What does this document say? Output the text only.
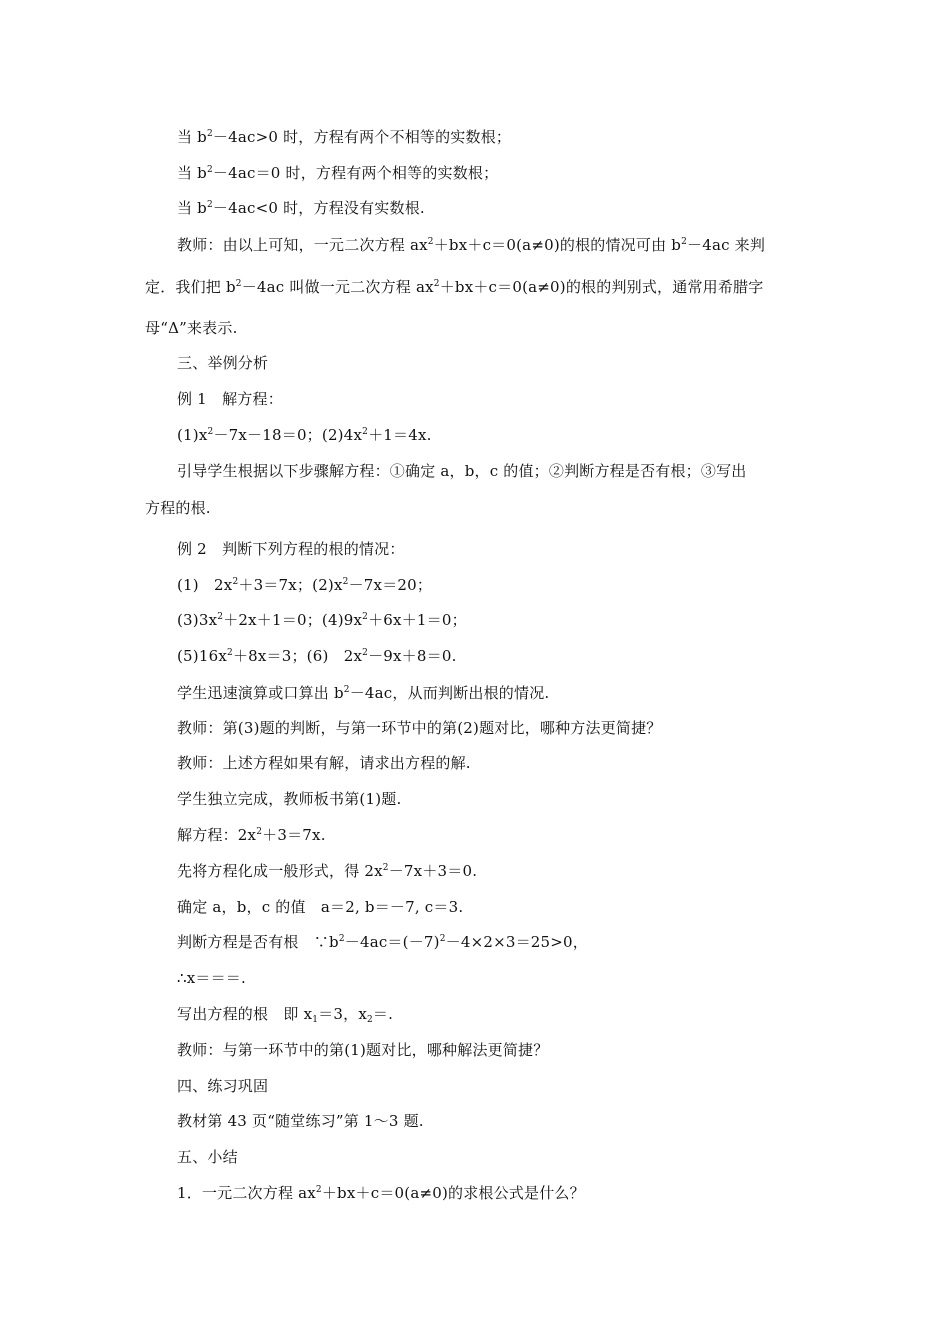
当 $b^2-4ac>0$ 时，方程有两个不相等的实数根；
当 $b^2-4ac=0$ 时，方程有两个相等的实数根；
当 $b^2-4ac<0$ 时，方程没有实数根.
教师：由以上可知，一元二次方程 $ax^2+bx+c=0(a\ne 0)$的根的情况可由 $b^2-4ac$ 来判
定．我们把 $b^2-4ac$ 叫做一元二次方程 $ax^2+bx+c=0(a\ne 0)$的根的判别式，通常用希腊字
母“Δ”来表示.
三、举例分析
例 1　解方程：
$(1)x^2-7x-18=0$；$(2)4x^2+1=4x$.
引导学生根据以下步骤解方程：①确定 a，b，c 的值；②判断方程是否有根；③写出
方程的根.
例 2　判断下列方程的根的情况：
(1)　$2x^2+3=7x$；$(2)x^2-7x=20$；
$(3)3x^2+2x+1=0$；$(4)9x^2+6x+1=0$；
$(5)16x^2+8x=3$；(6)　$2x^2-9x+8=0$.
学生迅速演算或口算出 $b^2-4ac$，从而判断出根的情况.
教师：第(3)题的判断，与第一环节中的第(2)题对比，哪种方法更简捷？
教师：上述方程如果有解，请求出方程的解.
学生独立完成，教师板书第(1)题.
解方程：$2x^2+3=7x$.
先将方程化成一般形式，得 $2x^2-7x+3=0$.
确定 a，b，c 的值　a＝2, b＝－7, c＝3.
判断方程是否有根　$\because b^2-4ac=(-7)^2-4\times 2\times 3=25>0$，
∴x＝＝＝.
写出方程的根　即 $x_1=3$，$x_2=$.
教师：与第一环节中的第(1)题对比，哪种解法更简捷？
四、练习巩固
教材第 43 页“随堂练习”第 1～3 题.
五、小结
1．一元二次方程 $ax^2+bx+c=0(a\ne 0)$的求根公式是什么？
